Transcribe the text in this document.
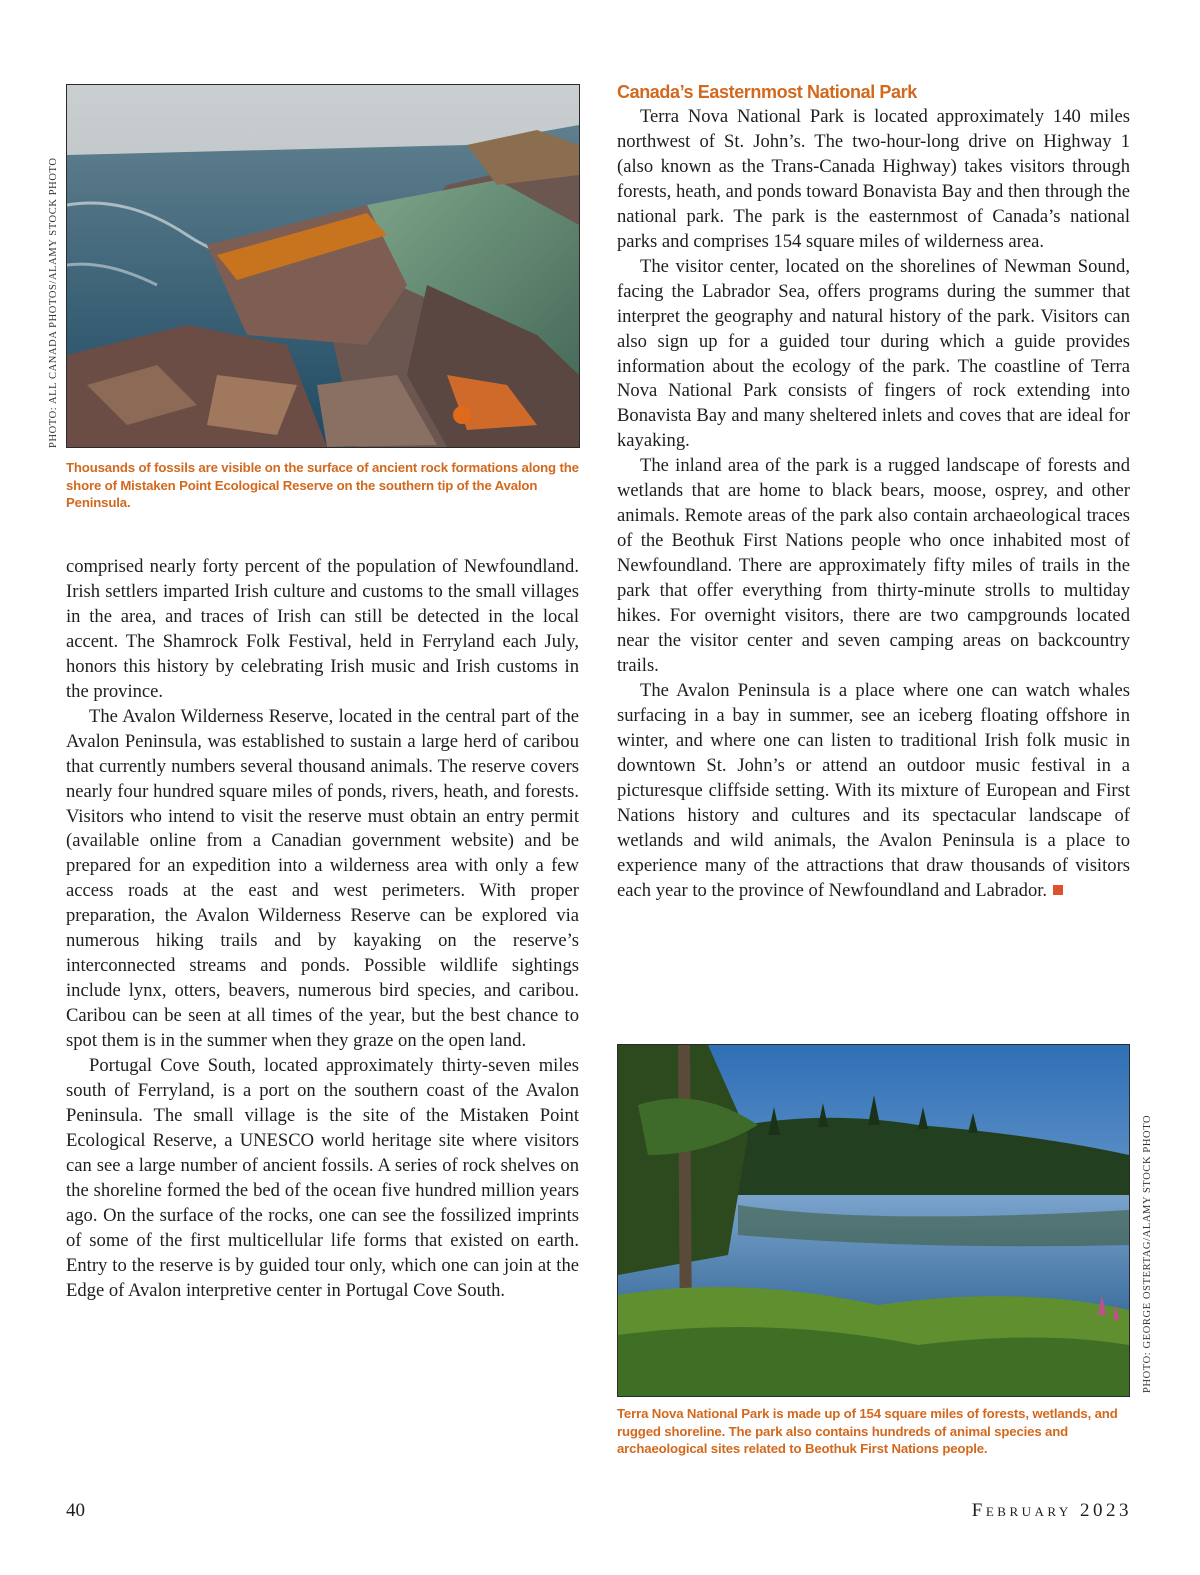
PHOTO: ALL CANADA PHOTOS/ALAMY STOCK PHOTO

Thousands of fossils are visible on the surface of ancient rock formations along the shore of Mistaken Point Ecological Reserve on the southern tip of the Avalon Peninsula.

comprised nearly forty percent of the population of Newfoundland. Irish settlers imparted Irish culture and customs to the small villages in the area, and traces of Irish can still be detected in the local accent. The Shamrock Folk Festival, held in Ferryland each July, honors this history by celebrating Irish music and Irish customs in the province.

The Avalon Wilderness Reserve, located in the central part of the Avalon Peninsula, was established to sustain a large herd of caribou that currently numbers several thousand animals. The reserve covers nearly four hundred square miles of ponds, rivers, heath, and forests. Visitors who intend to visit the reserve must obtain an entry permit (available online from a Canadian government website) and be prepared for an expedition into a wilderness area with only a few access roads at the east and west perimeters. With proper preparation, the Avalon Wilderness Reserve can be explored via numerous hiking trails and by kayaking on the reserve’s interconnected streams and ponds. Possible wildlife sightings include lynx, otters, beavers, numerous bird species, and caribou. Caribou can be seen at all times of the year, but the best chance to spot them is in the summer when they graze on the open land.

Portugal Cove South, located approximately thirty-seven miles south of Ferryland, is a port on the southern coast of the Avalon Peninsula. The small village is the site of the Mistaken Point Ecological Reserve, a UNESCO world heritage site where visitors can see a large number of ancient fossils. A series of rock shelves on the shoreline formed the bed of the ocean five hundred million years ago. On the surface of the rocks, one can see the fossilized imprints of some of the first multicellular life forms that existed on earth. Entry to the reserve is by guided tour only, which one can join at the Edge of Avalon interpretive center in Portugal Cove South.

Canada’s Easternmost National Park

Terra Nova National Park is located approximately 140 miles northwest of St. John’s. The two-hour-long drive on Highway 1 (also known as the Trans-Canada Highway) takes visitors through forests, heath, and ponds toward Bonavista Bay and then through the national park. The park is the easternmost of Canada’s national parks and comprises 154 square miles of wilderness area.

The visitor center, located on the shorelines of Newman Sound, facing the Labrador Sea, offers programs during the summer that interpret the geography and natural history of the park. Visitors can also sign up for a guided tour during which a guide provides information about the ecology of the park. The coastline of Terra Nova National Park consists of fingers of rock extending into Bonavista Bay and many sheltered inlets and coves that are ideal for kayaking.

The inland area of the park is a rugged landscape of forests and wetlands that are home to black bears, moose, osprey, and other animals. Remote areas of the park also contain archaeological traces of the Beothuk First Nations people who once inhabited most of Newfoundland. There are approximately fifty miles of trails in the park that offer everything from thirty-minute strolls to multiday hikes. For overnight visitors, there are two campgrounds located near the visitor center and seven camping areas on backcountry trails.

The Avalon Peninsula is a place where one can watch whales surfacing in a bay in summer, see an iceberg floating offshore in winter, and where one can listen to traditional Irish folk music in downtown St. John’s or attend an outdoor music festival in a picturesque cliffside setting. With its mixture of European and First Nations history and cultures and its spectacular landscape of wetlands and wild animals, the Avalon Peninsula is a place to experience many of the attractions that draw thousands of visitors each year to the province of Newfoundland and Labrador.

PHOTO: GEORGE OSTERTAG/ALAMY STOCK PHOTO

Terra Nova National Park is made up of 154 square miles of forests, wetlands, and rugged shoreline. The park also contains hundreds of animal species and archaeological sites related to Beothuk First Nations people.

40	February 2023
